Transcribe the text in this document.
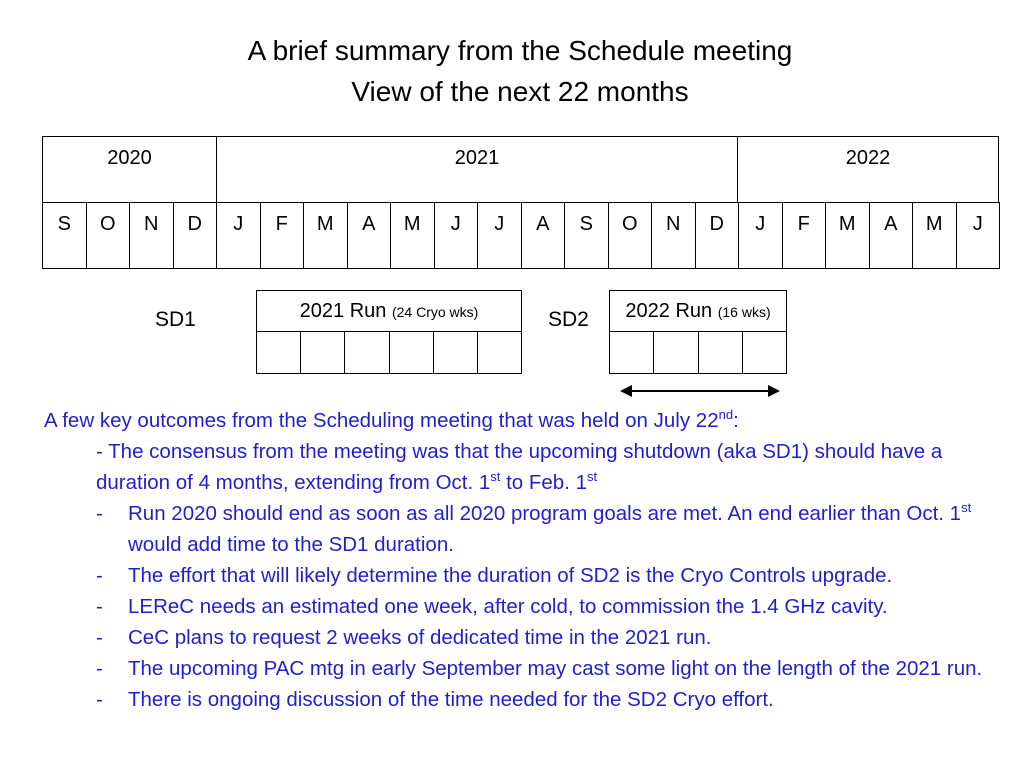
A brief summary from the Schedule meeting
View of the next 22 months
2020	2021	2022
S	O	N	D	J	F	M	A	M	J	J	A	S	O	N	D	J	F	M	A	M	J
SD1	2021 Run (24 Cryo wks)	SD2	2022 Run (16 wks)
A few key outcomes from the Scheduling meeting that was held on July 22nd:
- The consensus from the meeting was that the upcoming shutdown (aka SD1) should have a duration of 4 months, extending from Oct. 1st to Feb. 1st
- Run 2020 should end as soon as all 2020 program goals are met. An end earlier than Oct. 1st would add time to the SD1 duration.
- The effort that will likely determine the duration of SD2 is the Cryo Controls upgrade.
- LEReC needs an estimated one week, after cold, to commission the 1.4 GHz cavity.
- CeC plans to request 2 weeks of dedicated time in the 2021 run.
- The upcoming PAC mtg in early September may cast some light on the length of the 2021 run.
- There is ongoing discussion of the time needed for the SD2 Cryo effort.
